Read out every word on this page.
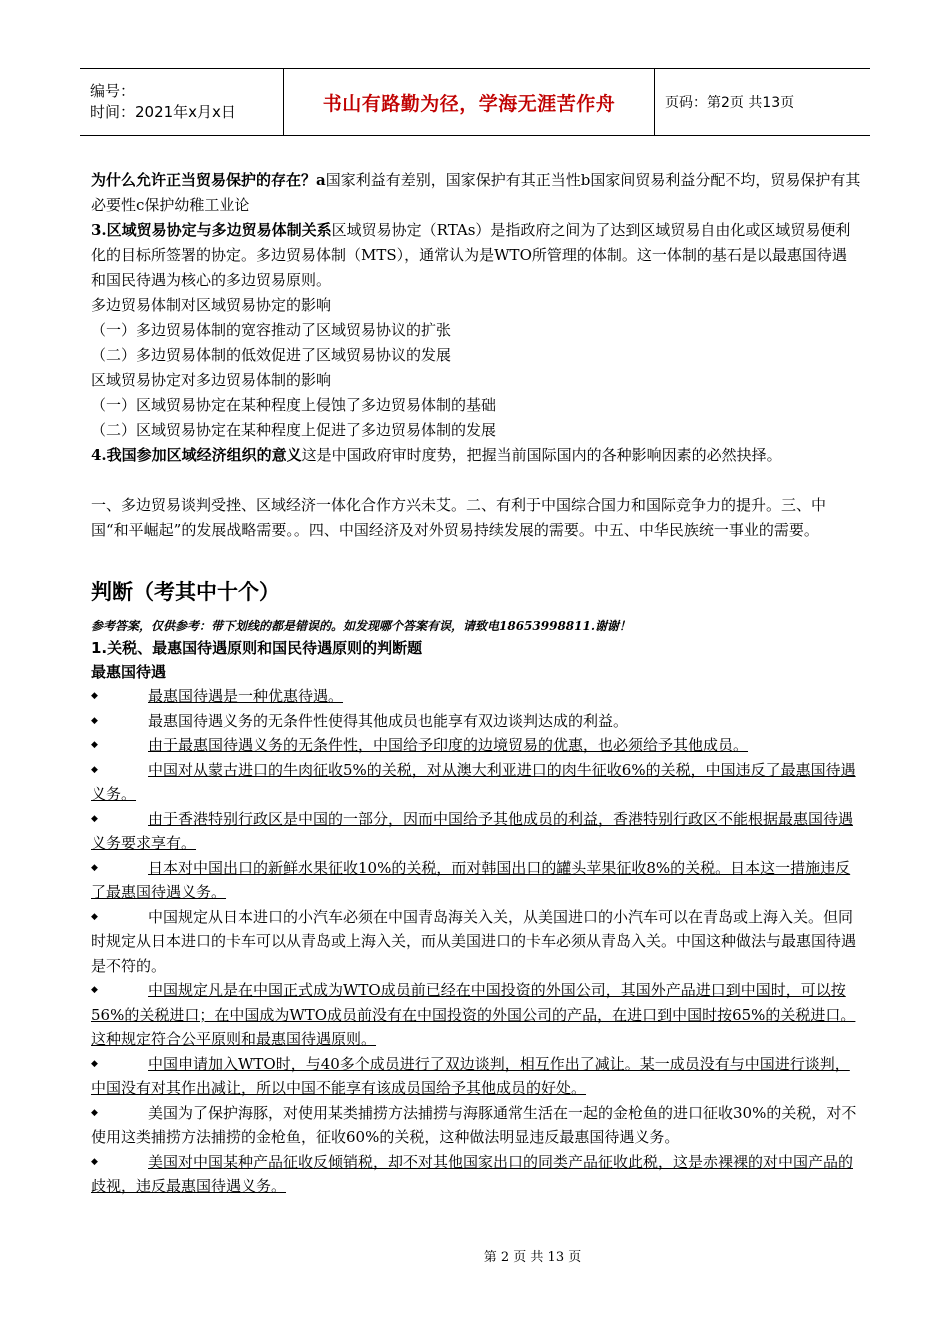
编号：
时间：2021年x月x日	书山有路勤为径，学海无涯苦作舟	页码：第2页 共13页

为什么允许正当贸易保护的存在？a国家利益有差别，国家保护有其正当性b国家间贸易利益分配不均，贸易保护有其必要性c保护幼稚工业论

3.区域贸易协定与多边贸易体制关系区域贸易协定（RTAs）是指政府之间为了达到区域贸易自由化或区域贸易便利化的目标所签署的协定。多边贸易体制（MTS），通常认为是WTO所管理的体制。这一体制的基石是以最惠国待遇和国民待遇为核心的多边贸易原则。

多边贸易体制对区域贸易协定的影响

（一）多边贸易体制的宽容推动了区域贸易协议的扩张

（二）多边贸易体制的低效促进了区域贸易协议的发展

区域贸易协定对多边贸易体制的影响

（一）区域贸易协定在某种程度上侵蚀了多边贸易体制的基础

（二）区域贸易协定在某种程度上促进了多边贸易体制的发展

4.我国参加区域经济组织的意义这是中国政府审时度势，把握当前国际国内的各种影响因素的必然抉择。

一、多边贸易谈判受挫、区域经济一体化合作方兴未艾。二、有利于中国综合国力和国际竞争力的提升。三、中国“和平崛起”的发展战略需要。。四、中国经济及对外贸易持续发展的需要。中五、中华民族统一事业的需要。

判断（考其中十个）

参考答案，仅供参考：带下划线的都是错误的。如发现哪个答案有误，请致电18653998811.谢谢！

1.关税、最惠国待遇原则和国民待遇原则的判断题

最惠国待遇

◆	最惠国待遇是一种优惠待遇。
◆	最惠国待遇义务的无条件性使得其他成员也能享有双边谈判达成的利益。
◆	由于最惠国待遇义务的无条件性，中国给予印度的边境贸易的优惠，也必须给予其他成员。
◆	中国对从蒙古进口的牛肉征收5%的关税，对从澳大利亚进口的肉牛征收6%的关税，中国违反了最惠国待遇义务。
◆	由于香港特别行政区是中国的一部分，因而中国给予其他成员的利益，香港特别行政区不能根据最惠国待遇义务要求享有。
◆	日本对中国出口的新鲜水果征收10%的关税，而对韩国出口的罐头苹果征收8%的关税。日本这一措施违反了最惠国待遇义务。
◆	中国规定从日本进口的小汽车必须在中国青岛海关入关，从美国进口的小汽车可以在青岛或上海入关。但同时规定从日本进口的卡车可以从青岛或上海入关，而从美国进口的卡车必须从青岛入关。中国这种做法与最惠国待遇是不符的。
◆	中国规定凡是在中国正式成为WTO成员前已经在中国投资的外国公司，其国外产品进口到中国时，可以按56%的关税进口；在中国成为WTO成员前没有在中国投资的外国公司的产品，在进口到中国时按65%的关税进口。这种规定符合公平原则和最惠国待遇原则。
◆	中国申请加入WTO时，与40多个成员进行了双边谈判，相互作出了减让。某一成员没有与中国进行谈判，中国没有对其作出减让，所以中国不能享有该成员国给予其他成员的好处。
◆	美国为了保护海豚，对使用某类捕捞方法捕捞与海豚通常生活在一起的金枪鱼的进口征收30%的关税，对不使用这类捕捞方法捕捞的金枪鱼，征收60%的关税，这种做法明显违反最惠国待遇义务。
◆	美国对中国某种产品征收反倾销税，却不对其他国家出口的同类产品征收此税，这是赤裸裸的对中国产品的歧视，违反最惠国待遇义务。
第 2 页 共 13 页
